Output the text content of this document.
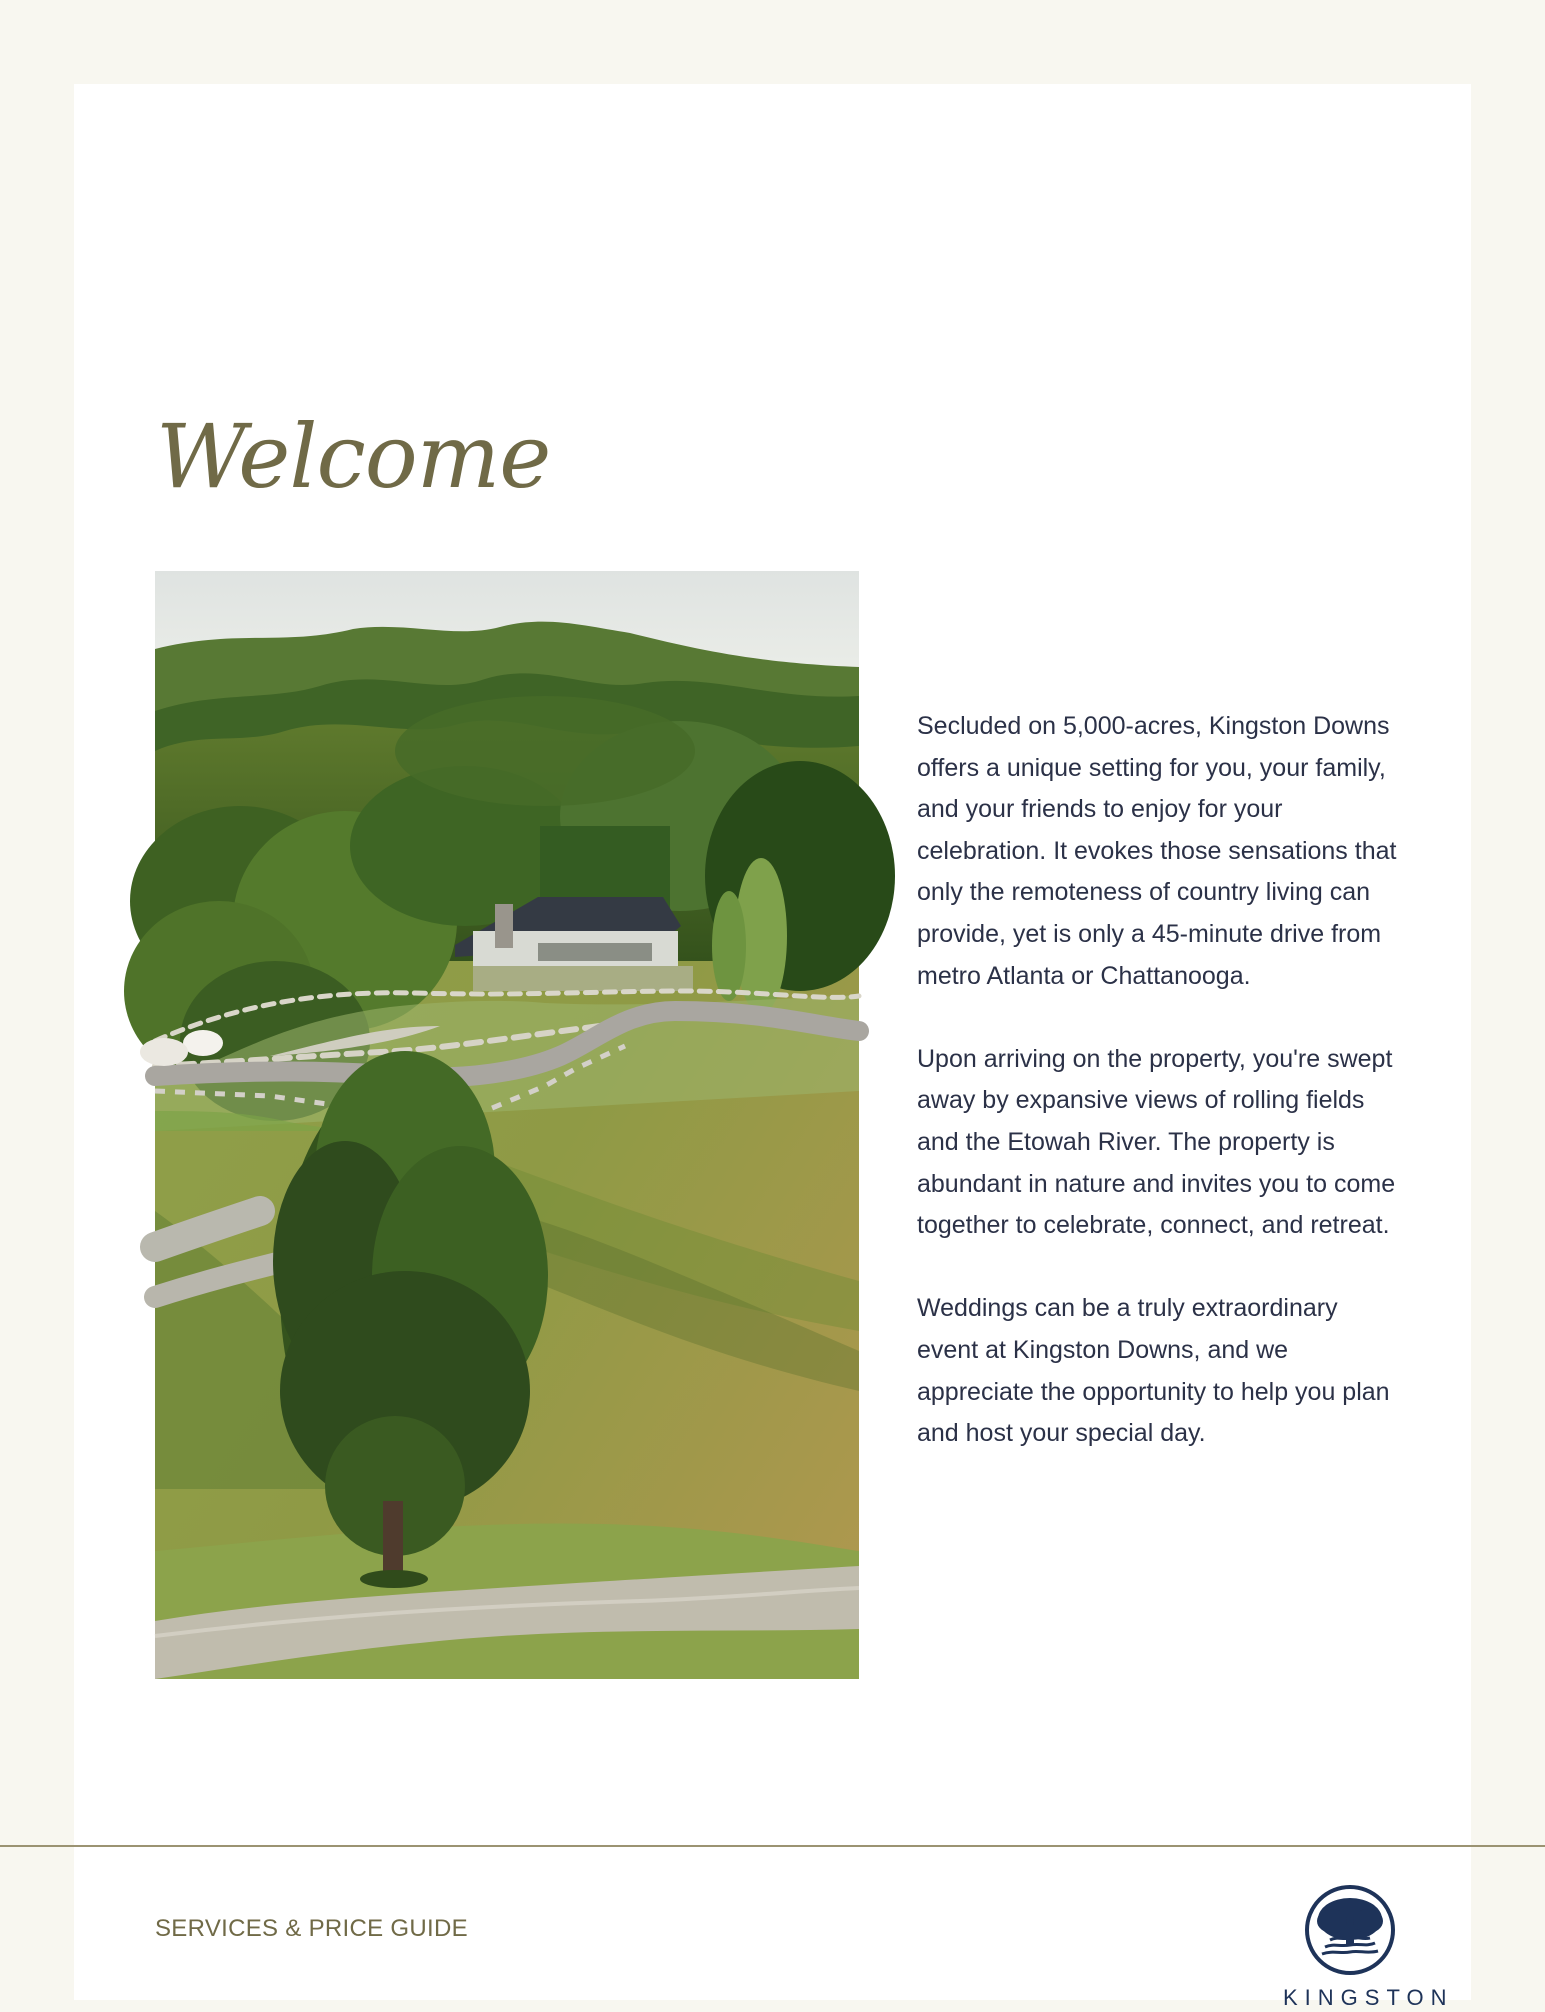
Welcome

Secluded on 5,000-acres, Kingston Downs offers a unique setting for you, your family, and your friends to enjoy for your celebration. It evokes those sensations that only the remoteness of country living can provide, yet is only a 45-minute drive from metro Atlanta or Chattanooga.

Upon arriving on the property, you're swept away by expansive views of rolling fields and the Etowah River. The property is abundant in nature and invites you to come together to celebrate, connect, and retreat.

Weddings can be a truly extraordinary event at Kingston Downs, and we appreciate the opportunity to help you plan and host your special day.

SERVICES & PRICE GUIDE
KINGSTON
